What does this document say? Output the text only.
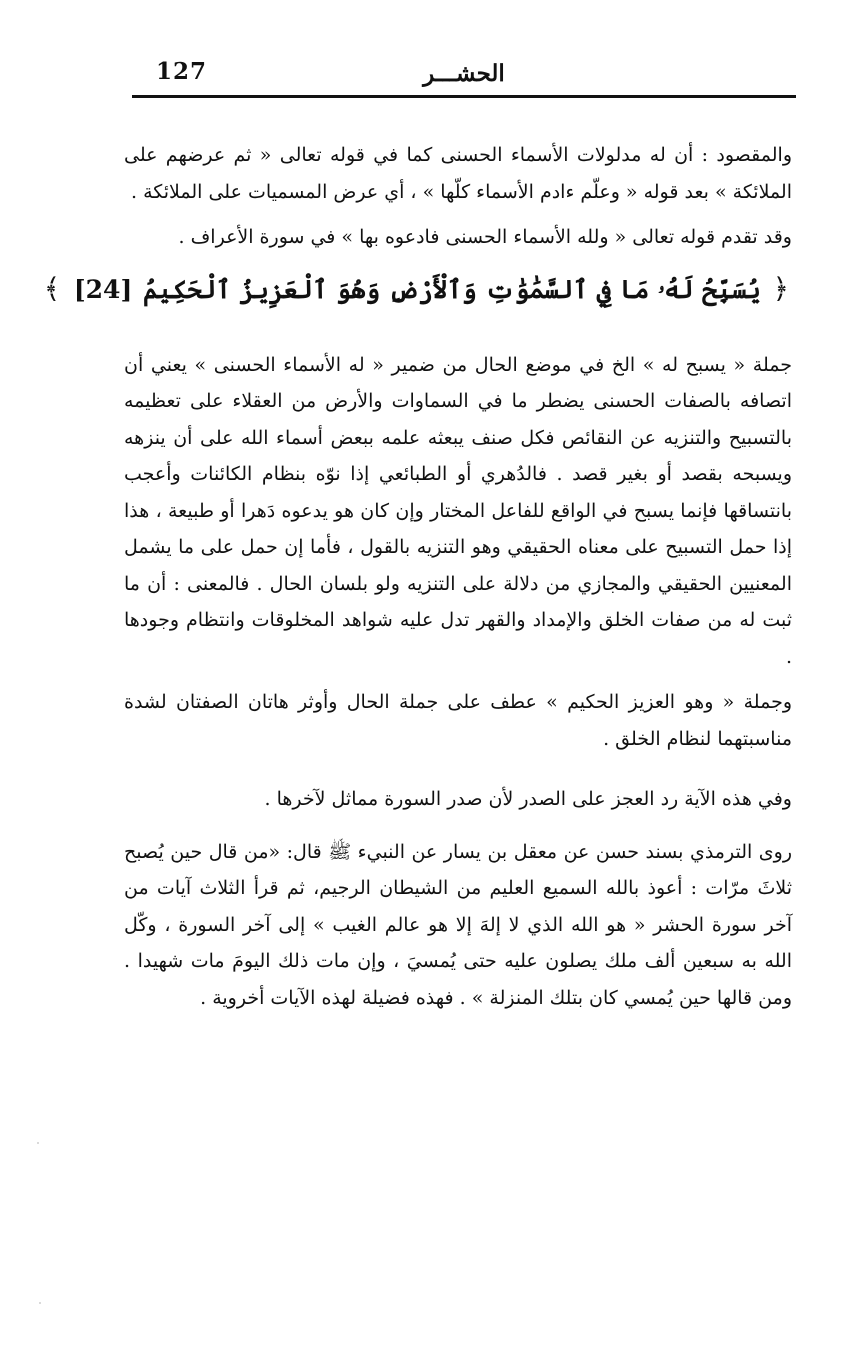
127	الحشـــر

والمقصود : أن له مدلولات الأسماء الحسنى كما في قوله تعالى « ثم عرضهم على الملائكة » بعد قوله « وعلّم ءادم الأسماء كلّها » ، أي عرض المسميات على الملائكة .

وقد تقدم قوله تعالى « ولله الأسماء الحسنى فادعوه بها » في سورة الأعراف .

﴿ يُسَبِّحُ لَهُۥ مَا فِي ٱلسَّمَٰوَٰتِ وَٱلْأَرْضِ وَهُوَ ٱلْعَزِيزُ ٱلْحَكِيمُ [24] ﴾

جملة « يسبح له » الخ في موضع الحال من ضمير « له الأسماء الحسنى » يعني أن اتصافه بالصفات الحسنى يضطر ما في السماوات والأرض من العقلاء على تعظيمه بالتسبيح والتنزيه عن النقائص فكل صنف يبعثه علمه ببعض أسماء الله على أن ينزهه ويسبحه بقصد أو بغير قصد . فالدُهري أو الطبائعي إذا نوّه بنظام الكائنات وأعجب بانتساقها فإنما يسبح في الواقع للفاعل المختار وإن كان هو يدعوه دَهرا أو طبيعة ، هذا إذا حمل التسبيح على معناه الحقيقي وهو التنزيه بالقول ، فأما إن حمل على ما يشمل المعنيين الحقيقي والمجازي من دلالة على التنزيه ولو بلسان الحال . فالمعنى : أن ما ثبت له من صفات الخلق والإمداد والقهر تدل عليه شواهد المخلوقات وانتظام وجودها .

وجملة « وهو العزيز الحكيم » عطف على جملة الحال وأوثر هاتان الصفتان لشدة مناسبتهما لنظام الخلق .

وفي هذه الآية رد العجز على الصدر لأن صدر السورة مماثل لآخرها .

روى الترمذي بسند حسن عن معقل بن يسار عن النبيء ﷺ قال: «من قال حين يُصبح ثلاثَ مرّات : أعوذ بالله السميع العليم من الشيطان الرجيم، ثم قرأ الثلاث آيات من آخر سورة الحشر « هو الله الذي لا إلهَ إلا هو عالم الغيب » إلى آخر السورة ، وكّل الله به سبعين ألف ملك يصلون عليه حتى يُمسيَ ، وإن مات ذلك اليومَ مات شهيدا . ومن قالها حين يُمسي كان بتلك المنزلة » . فهذه فضيلة لهذه الآيات أخروية .
